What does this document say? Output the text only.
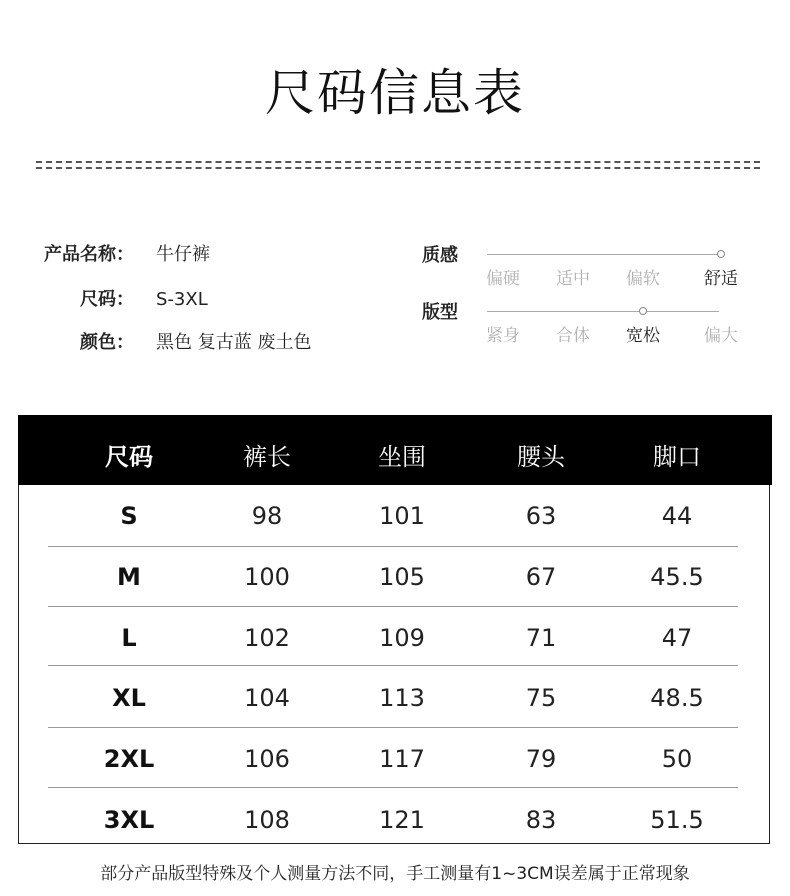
尺码信息表
产品名称： 牛仔裤
尺码： S-3XL
颜色： 黑色 复古蓝 废土色
质感
偏硬	适中	偏软	舒适
版型
紧身	合体	宽松	偏大
尺码	裤长	坐围	腰头	脚口
S	98	101	63	44
M	100	105	67	45.5
L	102	109	71	47
XL	104	113	75	48.5
2XL	106	117	79	50
3XL	108	121	83	51.5
部分产品版型特殊及个人测量方法不同，手工测量有1~3CM误差属于正常现象
